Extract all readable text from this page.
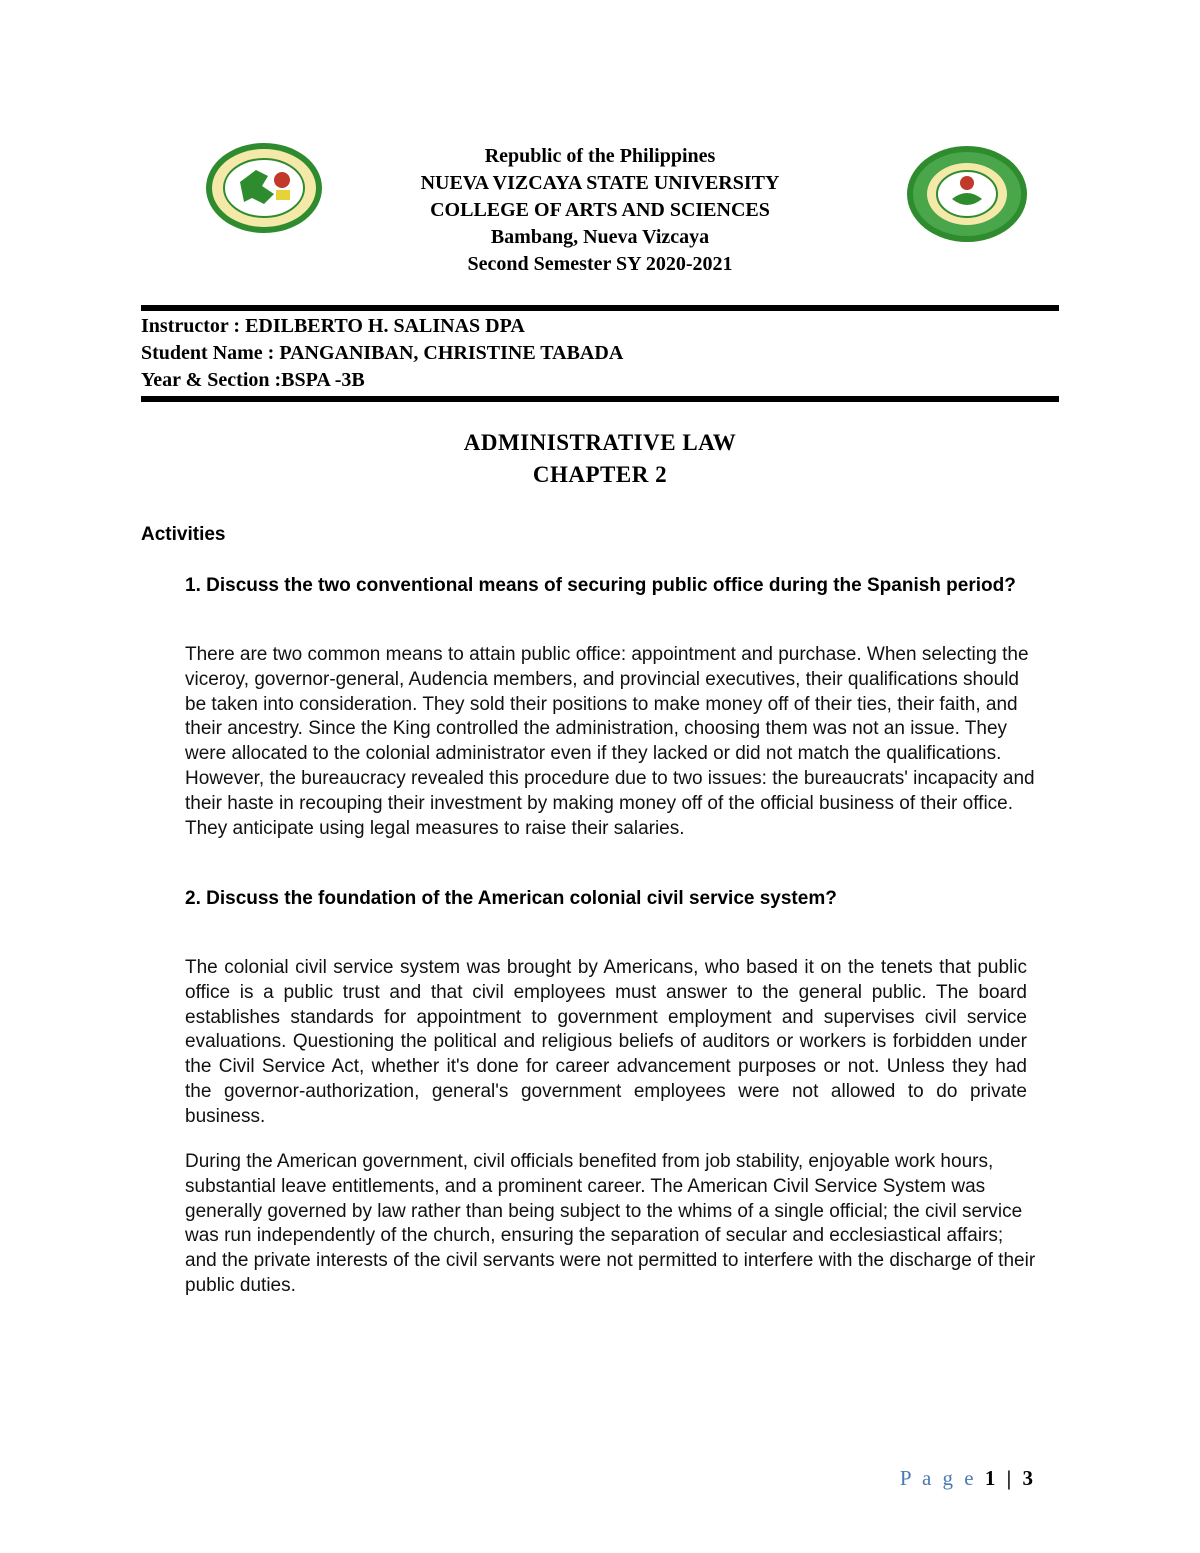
Republic of the Philippines
NUEVA VIZCAYA STATE UNIVERSITY
COLLEGE OF ARTS AND SCIENCES
Bambang, Nueva Vizcaya
Second Semester SY 2020-2021
Instructor : EDILBERTO H. SALINAS DPA
Student Name : PANGANIBAN, CHRISTINE TABADA
Year & Section :BSPA -3B
ADMINISTRATIVE LAW
CHAPTER 2
Activities
1. Discuss the two conventional means of securing public office during the Spanish period?
There are two common means to attain public office: appointment and purchase. When selecting the viceroy, governor-general, Audencia members, and provincial executives, their qualifications should be taken into consideration. They sold their positions to make money off of their ties, their faith, and their ancestry. Since the King controlled the administration, choosing them was not an issue. They were allocated to the colonial administrator even if they lacked or did not match the qualifications. However, the bureaucracy revealed this procedure due to two issues: the bureaucrats' incapacity and their haste in recouping their investment by making money off of the official business of their office. They anticipate using legal measures to raise their salaries.
2. Discuss the foundation of the American colonial civil service system?
The colonial civil service system was brought by Americans, who based it on the tenets that public office is a public trust and that civil employees must answer to the general public. The board establishes standards for appointment to government employment and supervises civil service evaluations. Questioning the political and religious beliefs of auditors or workers is forbidden under the Civil Service Act, whether it's done for career advancement purposes or not. Unless they had the governor-authorization, general's government employees were not allowed to do private business.
During the American government, civil officials benefited from job stability, enjoyable work hours, substantial leave entitlements, and a prominent career. The American Civil Service System was generally governed by law rather than being subject to the whims of a single official; the civil service was run independently of the church, ensuring the separation of secular and ecclesiastical affairs; and the private interests of the civil servants were not permitted to interfere with the discharge of their public duties.
P a g e 1 | 3
